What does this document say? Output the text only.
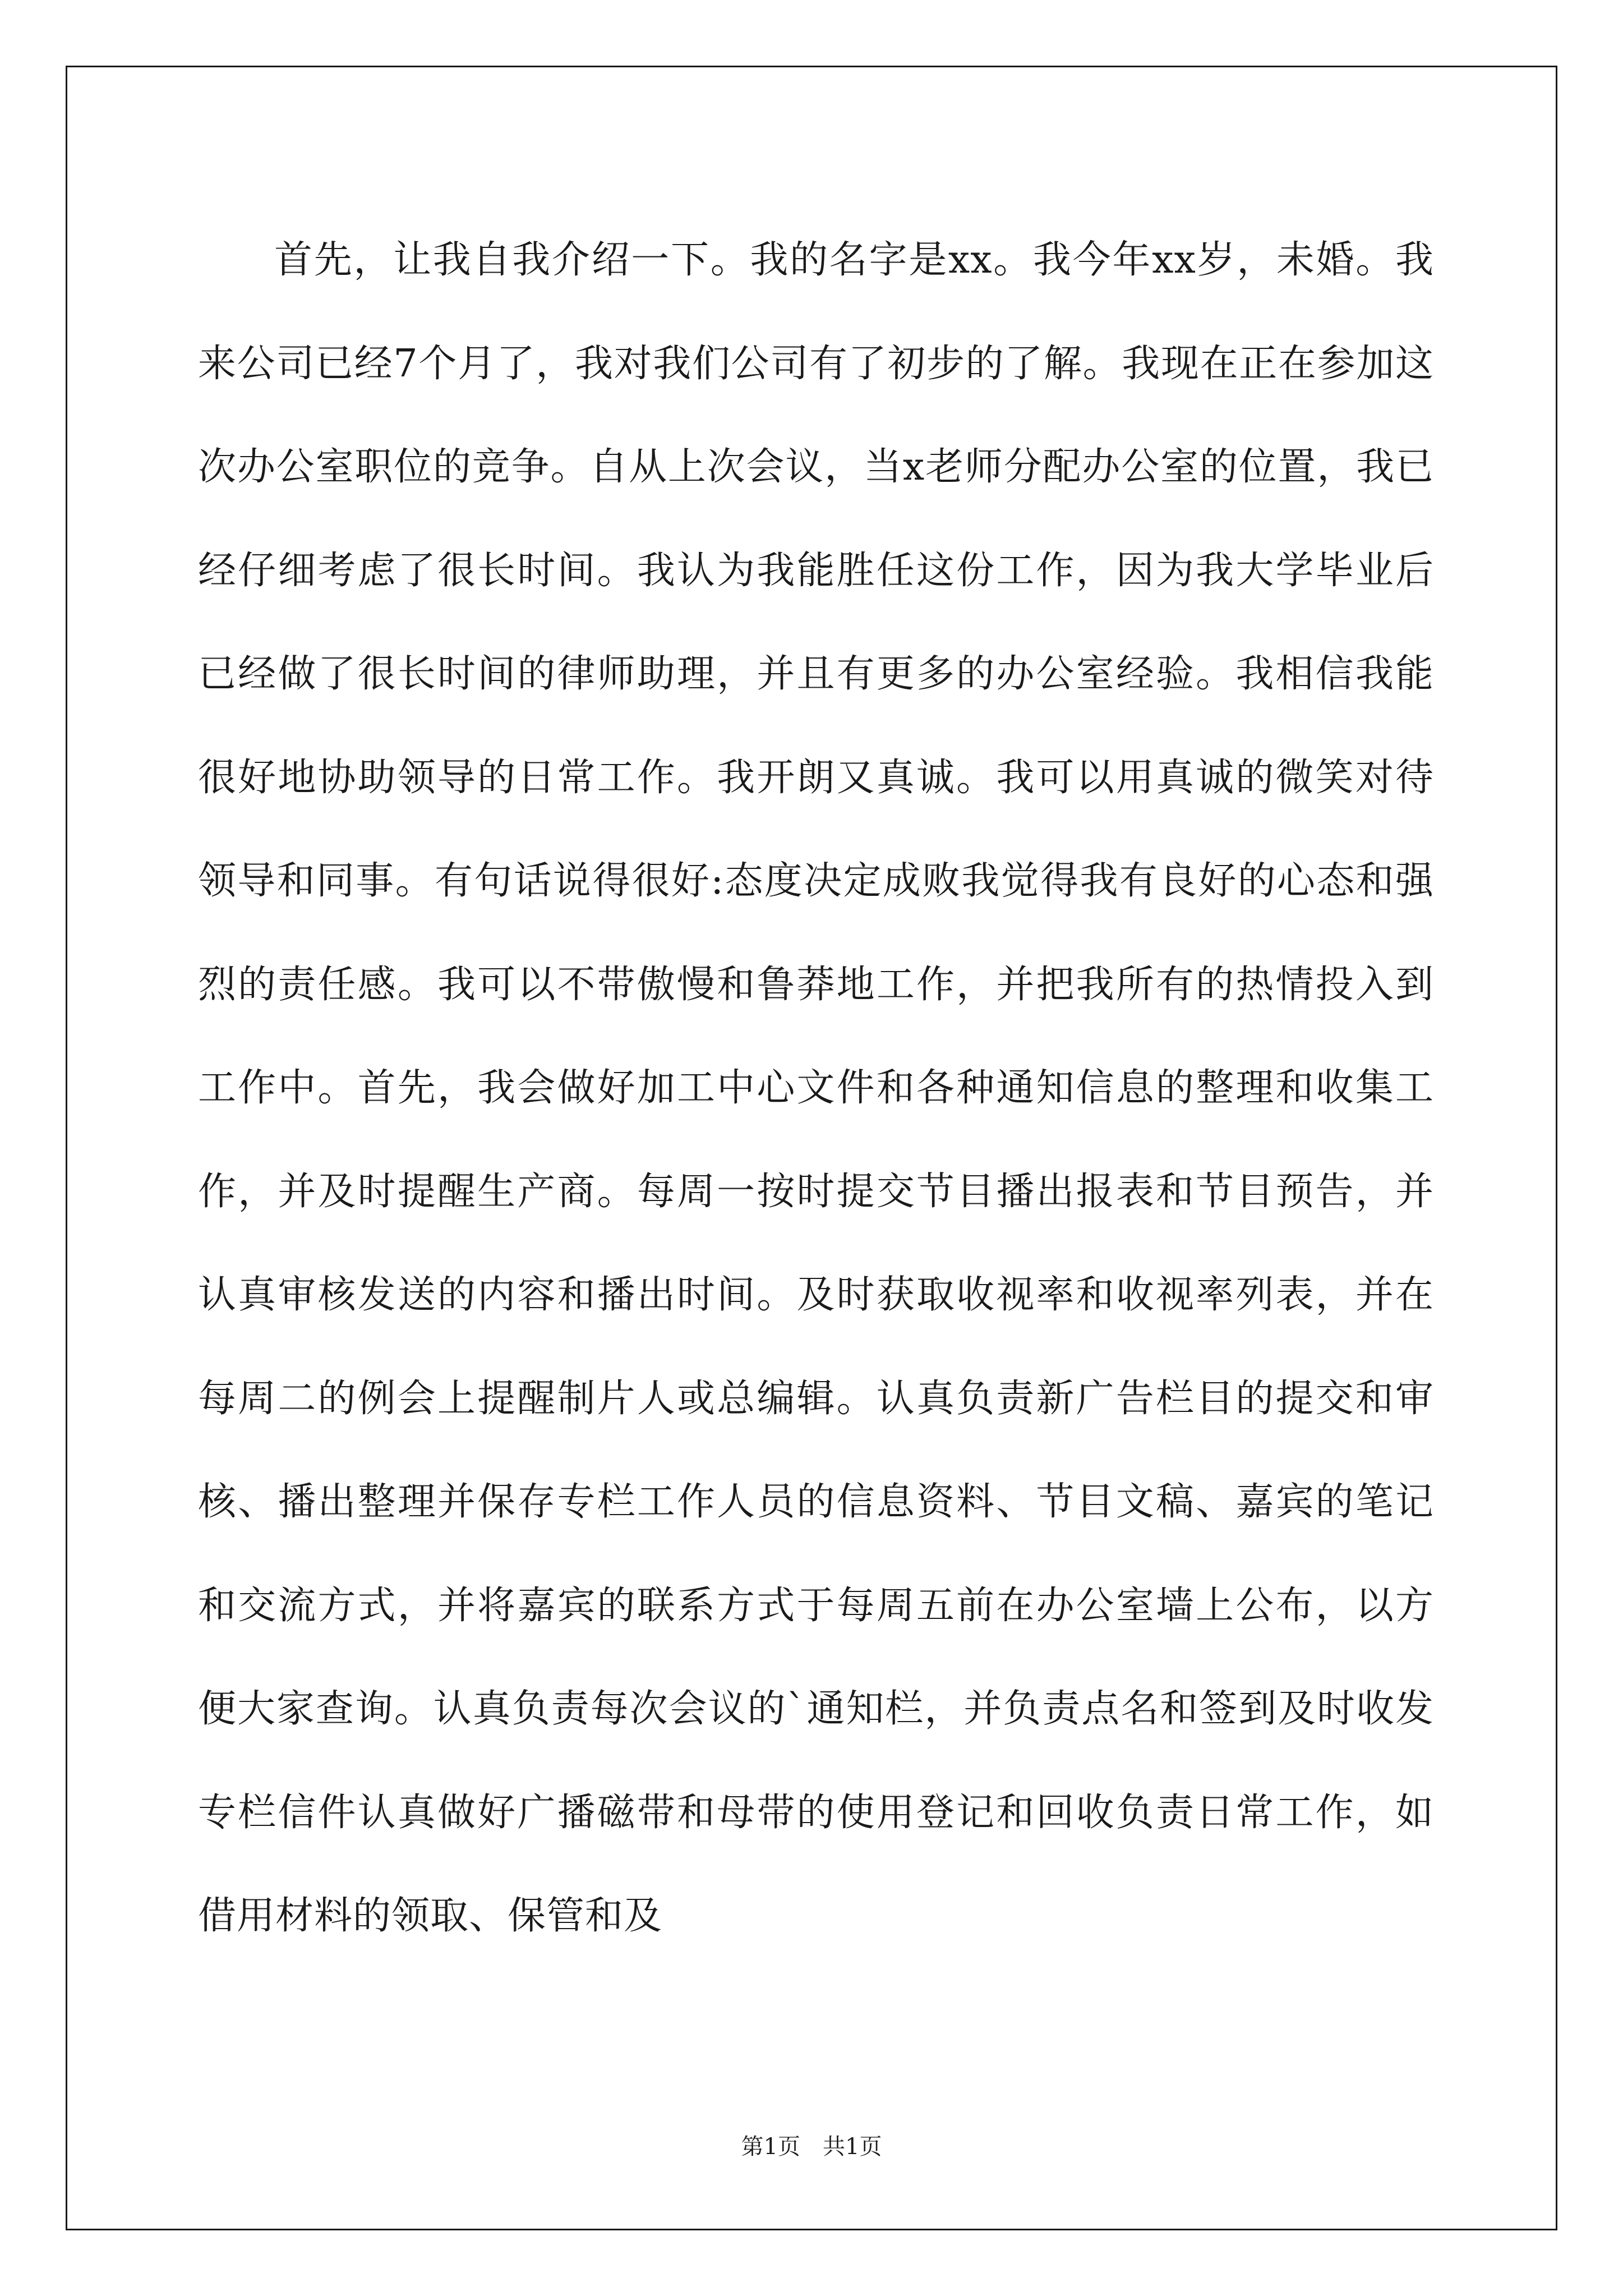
首先，让我自我介绍一下。我的名字是xx。我今年xx岁，未婚。我来公司已经7个月了，我对我们公司有了初步的了解。我现在正在参加这次办公室职位的竞争。自从上次会议，当x老师分配办公室的位置，我已经仔细考虑了很长时间。我认为我能胜任这份工作，因为我大学毕业后已经做了很长时间的律师助理，并且有更多的办公室经验。我相信我能很好地协助领导的日常工作。我开朗又真诚。我可以用真诚的微笑对待领导和同事。有句话说得很好:态度决定成败我觉得我有良好的心态和强烈的责任感。我可以不带傲慢和鲁莽地工作，并把我所有的热情投入到工作中。首先，我会做好加工中心文件和各种通知信息的整理和收集工作，并及时提醒生产商。每周一按时提交节目播出报表和节目预告，并认真审核发送的内容和播出时间。及时获取收视率和收视率列表，并在每周二的例会上提醒制片人或总编辑。认真负责新广告栏目的提交和审核、播出整理并保存专栏工作人员的信息资料、节目文稿、嘉宾的笔记和交流方式，并将嘉宾的联系方式于每周五前在办公室墙上公布，以方便大家查询。认真负责每次会议的`通知栏，并负责点名和签到及时收发专栏信件认真做好广播磁带和母带的使用登记和回收负责日常工作，如借用材料的领取、保管和及

第1页　共1页
